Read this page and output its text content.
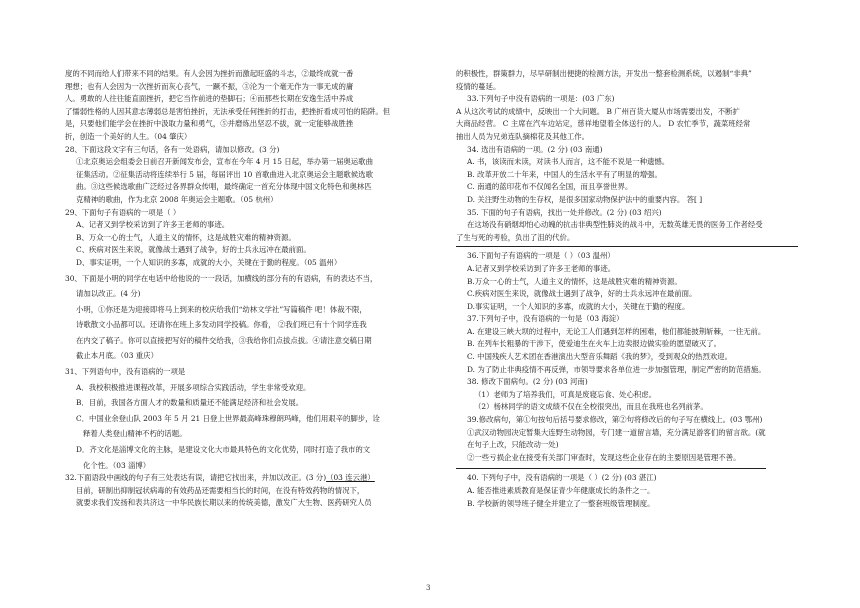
度的不同而给人们带来不同的结果。有人会因为挫折而激起旺盛的斗志，②最终成就一番

理想；也有人会因为一次挫折而灰心丧气，一蹶不振，③沦为一个毫无作为一事无成的庸

人。勇敢的人往往能直面挫折，把它当作前进的垫脚石；④而那些长期在安逸生活中养成

了懦弱性格的人因其意志薄弱总是害怕挫折，无法承受任何挫折的打击，把挫折看成可怕的陷阱。但

是，只要他们能学会在挫折中汲取力量和勇气，⑤并磨炼出坚忍不拔，就一定能够战胜挫

折，创造一个美好的人生。（04 肇庆）

28、下面这段文字有三句话，各有一处语病，请加以修改。(3 分)

①北京奥运会组委会日前召开新闻发布会，宣布在今年 4 月 15 日起，举办第一届奥运歌曲

征集活动。②征集活动将连续举行 5 届，每届评出 10 首歌曲进入北京奥运会主题歌候选歌

曲。③这些候选歌曲广泛经过各界群众传唱，最终确定一首充分体现中国文化特色和奥林匹

克精神的歌曲，作为北京 2008 年奥运会主题歌。（05 杭州）

29、下面句子有语病的一项是（ ）

A、记者又到学校采访到了许多王老师的事迹。

B、万众一心的士气，人道主义的情怀，这是战胜灾难的精神资源。

C、疾病对医生来说，就像战士遇到了战争，好的士兵永远冲在最前面。

D、事实证明，一个人知识的多寡，成就的大小，关键在于勤的程度。（05 温州）

30、下面是小明的同学在电话中给他说的一一段话，加横线的部分有的有语病，有的表达不当，

请加以改正。(4 分)

小明，①你还是为迎接即将马上到来的校庆给我们“幼林文学社”写篇稿件 吧！体裁不限，

诗歌散文小品都可以。还请你在班上多发动同学投稿。你看， ②我们班已有十个同学连我

在内交了稿子。你可以直接把写好的稿件交给我，③我给你们点拔点拔。④请注意交稿日期

截止本月底。（03 重庆）

31、下列语句中，没有语病的一项是

A．我校积极推进课程改革，开展多项综合实践活动，学生非常受欢迎。

B．目前，我国各方面人才的数量和质量还不能满足经济和社会发展。

C．中国业余登山队 2003 年 5 月 21 日登上世界最高峰珠穆朗玛峰，他们用艰辛的脚步，诠

释着人类登山精神不朽的话题。

D．齐文化是淄博文化的主脉，是建设文化大市最具特色的文化优势，同时打造了我市的文

化个性。（03 淄博）

32.下面语段中画线的句子有三处表达有误，请把它找出来，并加以改正。(3 分)（03 连云港）

目前，研制出抑制冠状病毒的有效药品还需要相当长的时间，在没有特效药物的情况下，

就要求我们发扬和表共济这一中华民族长期以来的传统美德，激发广大生物、医药研究人员

的积极性，群策群力，尽早研制出便捷的检测方法，开发出一整套检测系统，以遏制“非典”

疫情的蔓延。

33.下列句子中没有语病的一项是：(03 广东)

A 从这次考试的成绩中，反映出一个大问题。 B 广州百货大厦从市场需要出发，不断扩

大商品经营。 C 主席在汽车边站定，慈祥地望着全体送行的人。 D 农忙季节，蔬菜班经常

抽出人员为兄弟连队摘棉花及其他工作。

34. 选出有语病的一项。(2 分) (03 南通)

A. 书，该读而未读，对读书人而言，这不能不说是一种遗憾。

B. 改革开放二十年来，中国人的生活水平有了明显的增强。

C. 南通的蓝印花布不仅闻名全国，而且享誉世界。

D. 关注野生动物的生存权，是很多国家动物保护法中的重要内容。 答[ ]

35. 下面的句子有语病，找出一处并修改。(2 分) (03 绍兴)

在这场没有硝烟却怕心动魄的抗击非典型性肺炎的战斗中，无数英雄无畏的医务工作者经受

了生与死的考验，负出了沮的代价。

36.下面句子有语病的一项是（ ）（03 温州）

A.记者又到学校采访到了许多王老师的事迹。

B.万众一心的士气，人道主义的情怀，这是战胜灾难的精神资源。

C.疾病对医生来说，就像战士遇到了战争，好的士兵永远冲在最前面。

D.事实证明，一个人知识的多寡，成就的大小，关键在于勤的程度。

37.下列句子中，没有语病的一句是（03 海淀）

A. 在建设三峡大坝的过程中，无论工人们遇到怎样的困难，他们都能披荆斩棘，一往无前。

B. 在列车长粗暴的干涉下，使爱迪生在火车上边卖报边做实验的愿望破灭了。

C. 中国残疾人艺术团在香港演出大型音乐舞蹈《我的梦》，受到观众的热烈欢迎。

D. 为了防止非典疫情不再反弹，市领导要求各单位进一步加强管理，制定严密的防范措施。

38. 修改下面病句。(2 分) (03 河南)

（1）老师为了培养我们，可真是废寝忘食、处心积虑。

（2）杨林同学的语文成绩不仅在全校很突出，而且在我班也名列前茅。

39.修改病句，第①句按句后括号要求修改，第②句将修改后的句子写在横线上。(03 鄂州)

①武汉动物园决定暂集大连野生动物园，专门建一道留言墙，充分满足游客们的留言欲。(就

在句子上改，只能改动一处)

②一些亏损企业在接受有关部门审查时，发现这些企业存在的主要原因是管理不善。

40. 下列句子中，没有语病的一项是（ ）(2 分) (03 湛江)

A. 能否推进素质教育是保证青少年健康成长的条件之一。

B. 学校新的领导班子健全并建立了一整套班级管理制度。

3
